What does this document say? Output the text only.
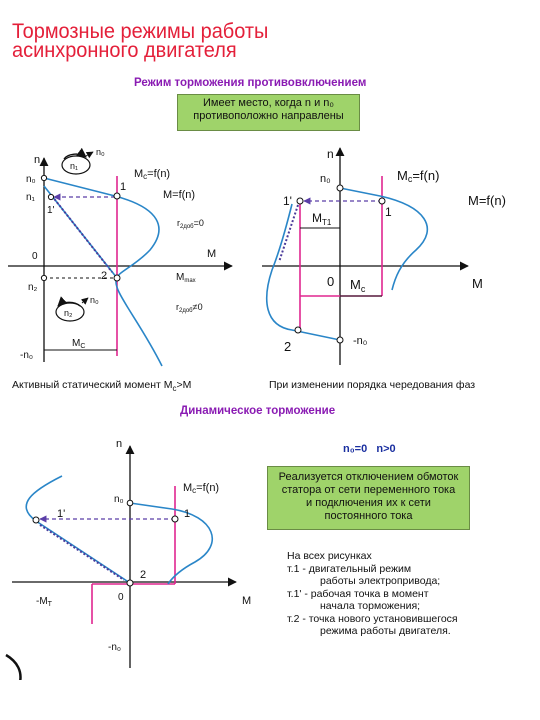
Тормозные режимы работы
асинхронного двигателя
Режим торможения противовключением
Имеет место, когда n и n₀
противоположно направлены
n
n₀
n₁
n₀
n₁
1
1'
Mc=f(n)
M=f(n)
$r_{2доб}=0$
0	M
2	$M_{max}$
n₂
n₀
$r_{2доб}\ne 0$
n₂
$M_C$
-n₀
Активный статический момент $M_c>M$
n
Mc=f(n)
n₀
M=f(n)
1'
1
$M_{T1}$
0 $M_c$	M
2	-n₀
При изменении порядка чередования фаз
Динамическое торможение
n₀=0   n>0
Реализуется отключением обмоток
статора от сети переменного тока
и подключения их к сети
постоянного тока
n
Mc=f(n)
n₀
1
1'
2
$-M_T$
0	M
-n₀
На всех рисунках
т.1 - двигательный режим
работы электропривода;
т.1' - рабочая точка в момент
начала торможения;
т.2 - точка нового установившегося
режима работы двигателя.
